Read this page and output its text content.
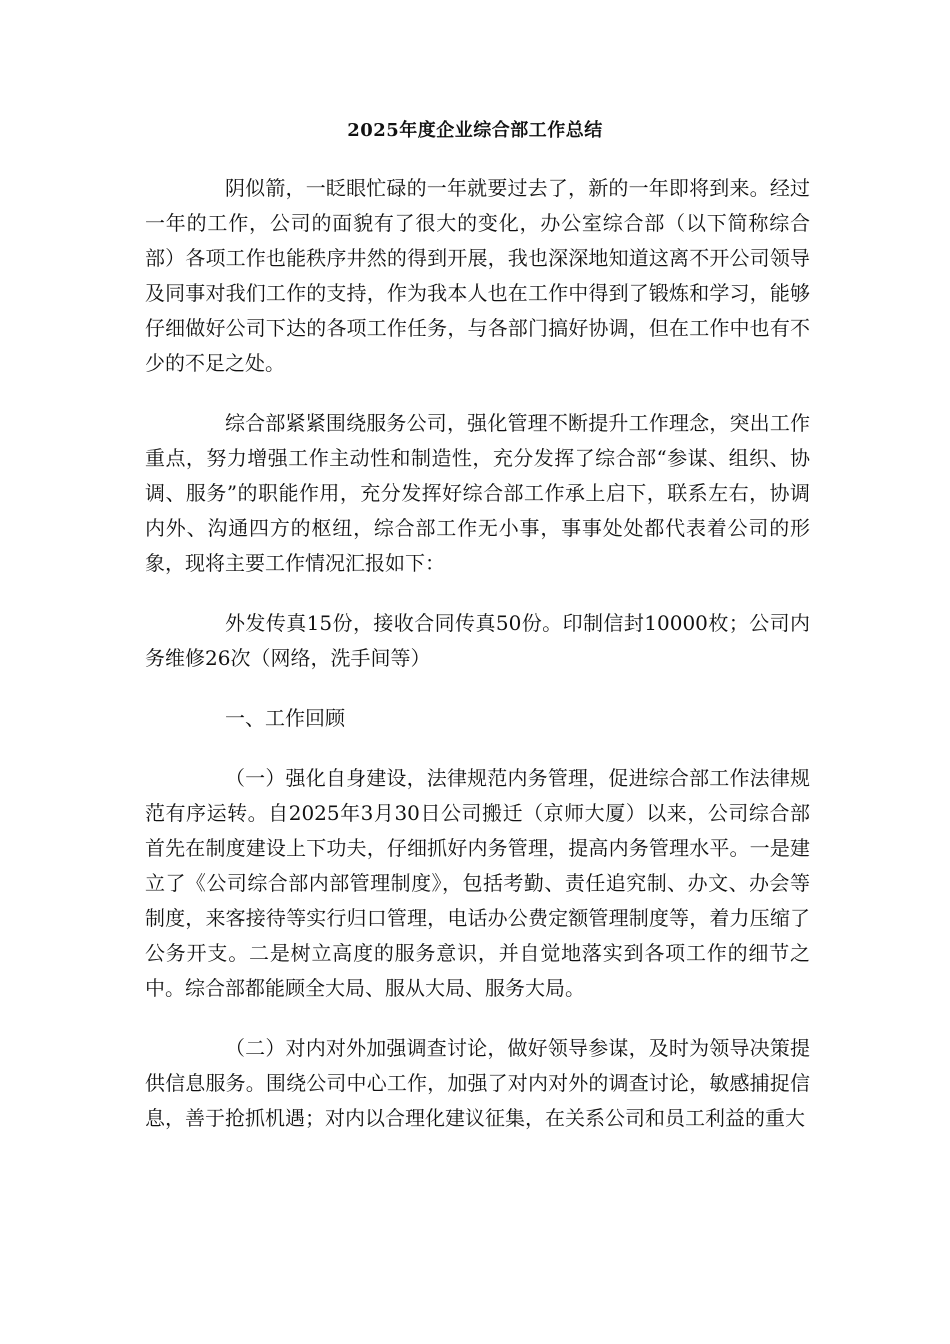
2025年度企业综合部工作总结

阴似箭，一眨眼忙碌的一年就要过去了，新的一年即将到来。经过一年的工作，公司的面貌有了很大的变化，办公室综合部（以下简称综合部）各项工作也能秩序井然的得到开展，我也深深地知道这离不开公司领导及同事对我们工作的支持，作为我本人也在工作中得到了锻炼和学习，能够仔细做好公司下达的各项工作任务，与各部门搞好协调，但在工作中也有不少的不足之处。

综合部紧紧围绕服务公司，强化管理不断提升工作理念，突出工作重点，努力增强工作主动性和制造性，充分发挥了综合部“参谋、组织、协调、服务”的职能作用，充分发挥好综合部工作承上启下，联系左右，协调内外、沟通四方的枢纽，综合部工作无小事，事事处处都代表着公司的形象，现将主要工作情况汇报如下：

外发传真15份，接收合同传真50份。印制信封10000枚；公司内务维修26次（网络，洗手间等）

一、工作回顾

（一）强化自身建设，法律规范内务管理，促进综合部工作法律规范有序运转。自2025年3月30日公司搬迁（京师大厦）以来，公司综合部首先在制度建设上下功夫，仔细抓好内务管理，提高内务管理水平。一是建立了《公司综合部内部管理制度》，包括考勤、责任追究制、办文、办会等制度，来客接待等实行归口管理，电话办公费定额管理制度等，着力压缩了公务开支。二是树立高度的服务意识，并自觉地落实到各项工作的细节之中。综合部都能顾全大局、服从大局、服务大局。

（二）对内对外加强调查讨论，做好领导参谋，及时为领导决策提供信息服务。围绕公司中心工作，加强了对内对外的调查讨论，敏感捕捉信息，善于抢抓机遇；对内以合理化建议征集，在关系公司和员工利益的重大
